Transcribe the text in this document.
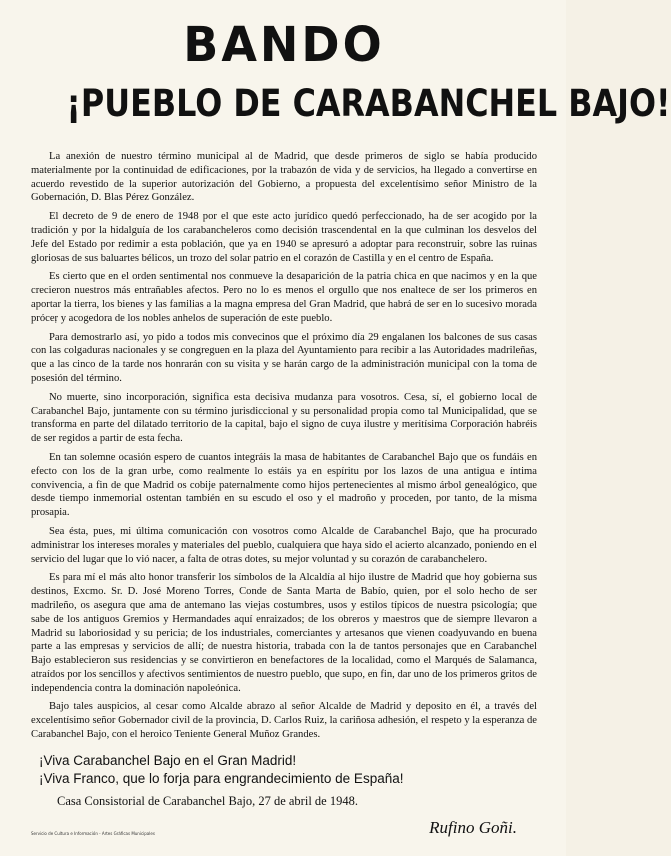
BANDO
¡PUEBLO DE CARABANCHEL BAJO!

La anexión de nuestro término municipal al de Madrid, que desde primeros de siglo se había producido materialmente por la continuidad de edificaciones, por la trabazón de vida y de servicios, ha llegado a convertirse en acuerdo revestido de la superior autorización del Gobierno, a propuesta del excelentísimo señor Ministro de la Gobernación, D. Blas Pérez González.

El decreto de 9 de enero de 1948 por el que este acto jurídico quedó perfeccionado, ha de ser acogido por la tradición y por la hidalguía de los carabancheleros como decisión trascendental en la que culminan los desvelos del Jefe del Estado por redimir a esta población, que ya en 1940 se apresuró a adoptar para reconstruir, sobre las ruinas gloriosas de sus baluartes bélicos, un trozo del solar patrio en el corazón de Castilla y en el centro de España.

Es cierto que en el orden sentimental nos conmueve la desaparición de la patria chica en que nacimos y en la que crecieron nuestros más entrañables afectos. Pero no lo es menos el orgullo que nos enaltece de ser los primeros en aportar la tierra, los bienes y las familias a la magna empresa del Gran Madrid, que habrá de ser en lo sucesivo morada próceṛ y acogedora de los nobles anhelos de superación de este pueblo.

Para demostrarlo así, yo pido a todos mis convecinos que el próximo día 29 engalanen los balcones de sus casas con las colgaduras nacionales y se congreguen en la plaza del Ayuntamiento para recibir a las Autoridades madrileñas, que a las cinco de la tarde nos honrarán con su visita y se harán cargo de la administración municipal con la toma de posesión del término.

No muerte, sino incorporación, significa esta decisiva mudanza para vosotros. Cesa, sí, el gobierno local de Carabanchel Bajo, juntamente con su término jurisdiccional y su personalidad propia como tal Municipalidad, que se transforma en parte del dilatado territorio de la capital, bajo el signo de cuya ilustre y meritísima Corporación habréis de ser regidos a partir de esta fecha.

En tan solemne ocasión espero de cuantos integráis la masa de habitantes de Carabanchel Bajo que os fundáis en efecto con los de la gran urbe, como realmente lo estáis ya en espíritu por los lazos de una antigua e íntima convivencia, a fin de que Madrid os cobije paternalmente como hijos pertenecientes al mismo árbol genealógico, que desde tiempo inmemorial ostentan también en su escudo el oso y el madroño y proceden, por tanto, de la misma prosapia.

Sea ésta, pues, mi última comunicación con vosotros como Alcalde de Carabanchel Bajo, que ha procurado administrar los intereses morales y materiales del pueblo, cualquiera que haya sido el acierto alcanzado, poniendo en el servicio del lugar que lo vió nacer, a falta de otras dotes, su mejor voluntad y su corazón de carabanchelero.

Es para mí el más alto honor transferir los símbolos de la Alcaldía al hijo ilustre de Madrid que hoy gobierna sus destinos, Excmo. Sr. D. José Moreno Torres, Conde de Santa Marta de Babío, quien, por el solo hecho de ser madrileño, os asegura que ama de antemano las viejas costumbres, usos y estilos típicos de nuestra psicología; que sabe de los antiguos Gremios y Hermandades aquí enraizados; de los obreros y maestros que de siempre llevaron a Madrid su laboriosidad y su pericia; de los industriales, comerciantes y artesanos que vienen coadyuvando en buena parte a las empresas y servicios de allí; de nuestra historia, trabada con la de tantos personajes que en Carabanchel Bajo establecieron sus residencias y se convirtieron en benefactores de la localidad, como el Marqués de Salamanca, atraídos por los sencillos y afectivos sentimientos de nuestro pueblo, que supo, en fin, dar uno de los primeros gritos de independencia contra la dominación napoleónica.

Bajo tales auspicios, al cesar como Alcalde abrazo al señor Alcalde de Madrid y deposito en él, a través del excelentísimo señor Gobernador civil de la provincia, D. Carlos Ruiz, la cariñosa adhesión, el respeto y la esperanza de Carabanchel Bajo, con el heroico Teniente General Muñoz Grandes.

¡Viva Carabanchel Bajo en el Gran Madrid!
¡Viva Franco, que lo forja para engrandecimiento de España!
Casa Consistorial de Carabanchel Bajo, 27 de abril de 1948.
Servicio de Cultura e Información - Artes Gráficas Municipales	Rufino Goñi.
